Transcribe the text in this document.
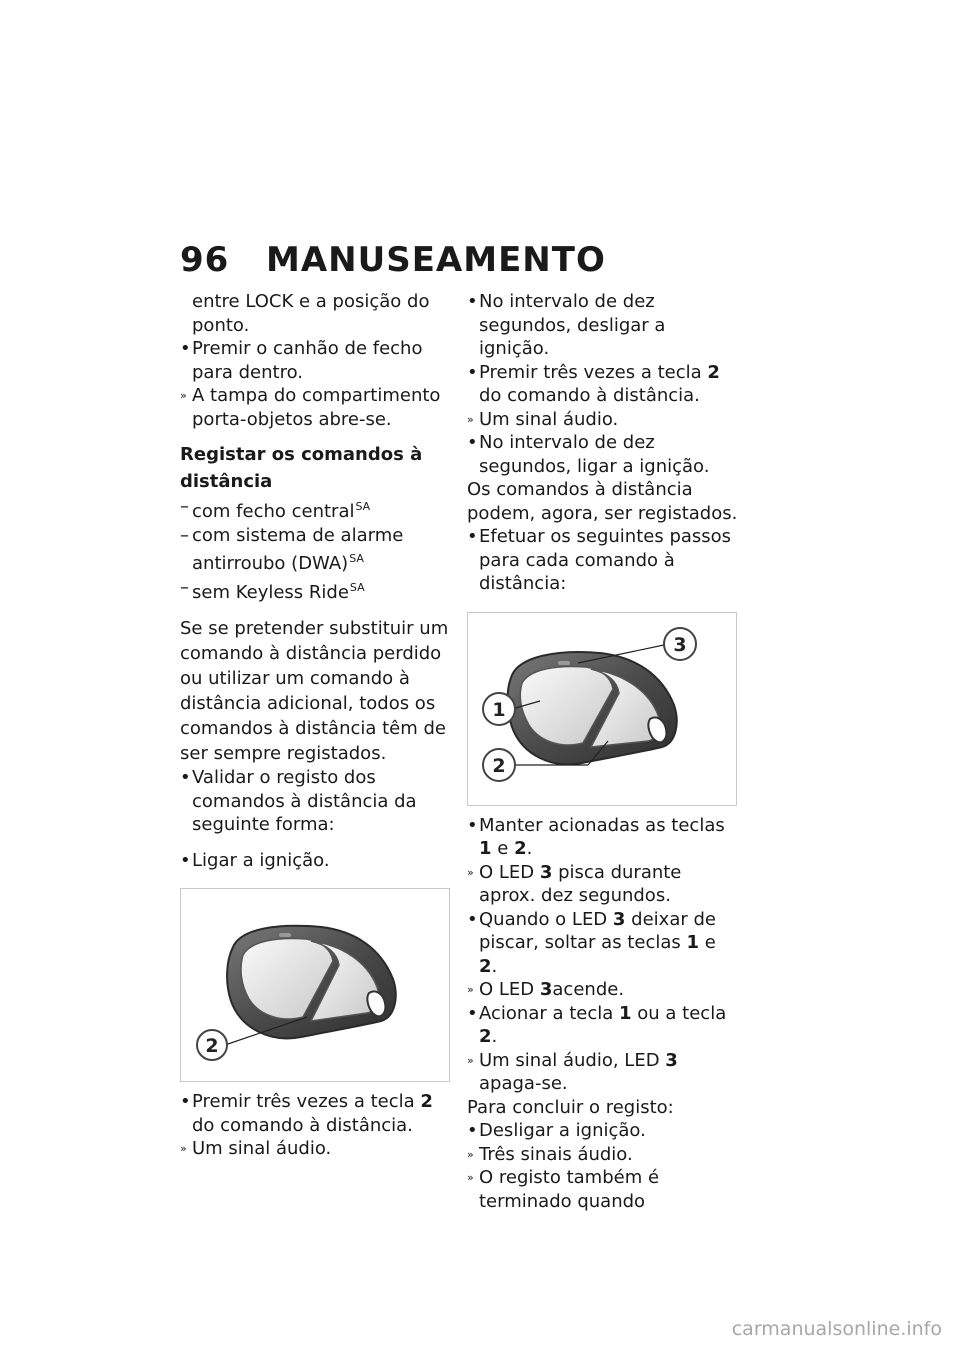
96	MANUSEAMENTO
entre LOCK e a posição do ponto.
• Premir o canhão de fecho para dentro.
» A tampa do compartimento porta-objetos abre-se.
Registar os comandos à distância
– com fecho central$^{SA}$
– com sistema de alarme antirroubo (DWA)$^{SA}$
– sem Keyless Ride$^{SA}$

Se se pretender substituir um comando à distância perdido ou utilizar um comando à distância adicional, todos os comandos à distância têm de ser sempre registados.

• Validar o registo dos comandos à distância da seguinte forma:
• Ligar a ignição.
2
• Premir três vezes a tecla 2 do comando à distância.
» Um sinal áudio.
• No intervalo de dez segundos, desligar a ignição.
• Premir três vezes a tecla 2 do comando à distância.
» Um sinal áudio.
• No intervalo de dez segundos, ligar a ignição.

Os comandos à distância podem, agora, ser registados.

• Efetuar os seguintes passos para cada comando à distância:
3
1
2
• Manter acionadas as teclas 1 e 2.
» O LED 3 pisca durante aprox. dez segundos.
• Quando o LED 3 deixar de piscar, soltar as teclas 1 e 2.
» O LED 3acende.
• Acionar a tecla 1 ou a tecla 2.
» Um sinal áudio, LED 3 apaga-se.

Para concluir o registo:

• Desligar a ignição.
» Três sinais áudio.
» O registo também é terminado quando
carmanualsonline.info
